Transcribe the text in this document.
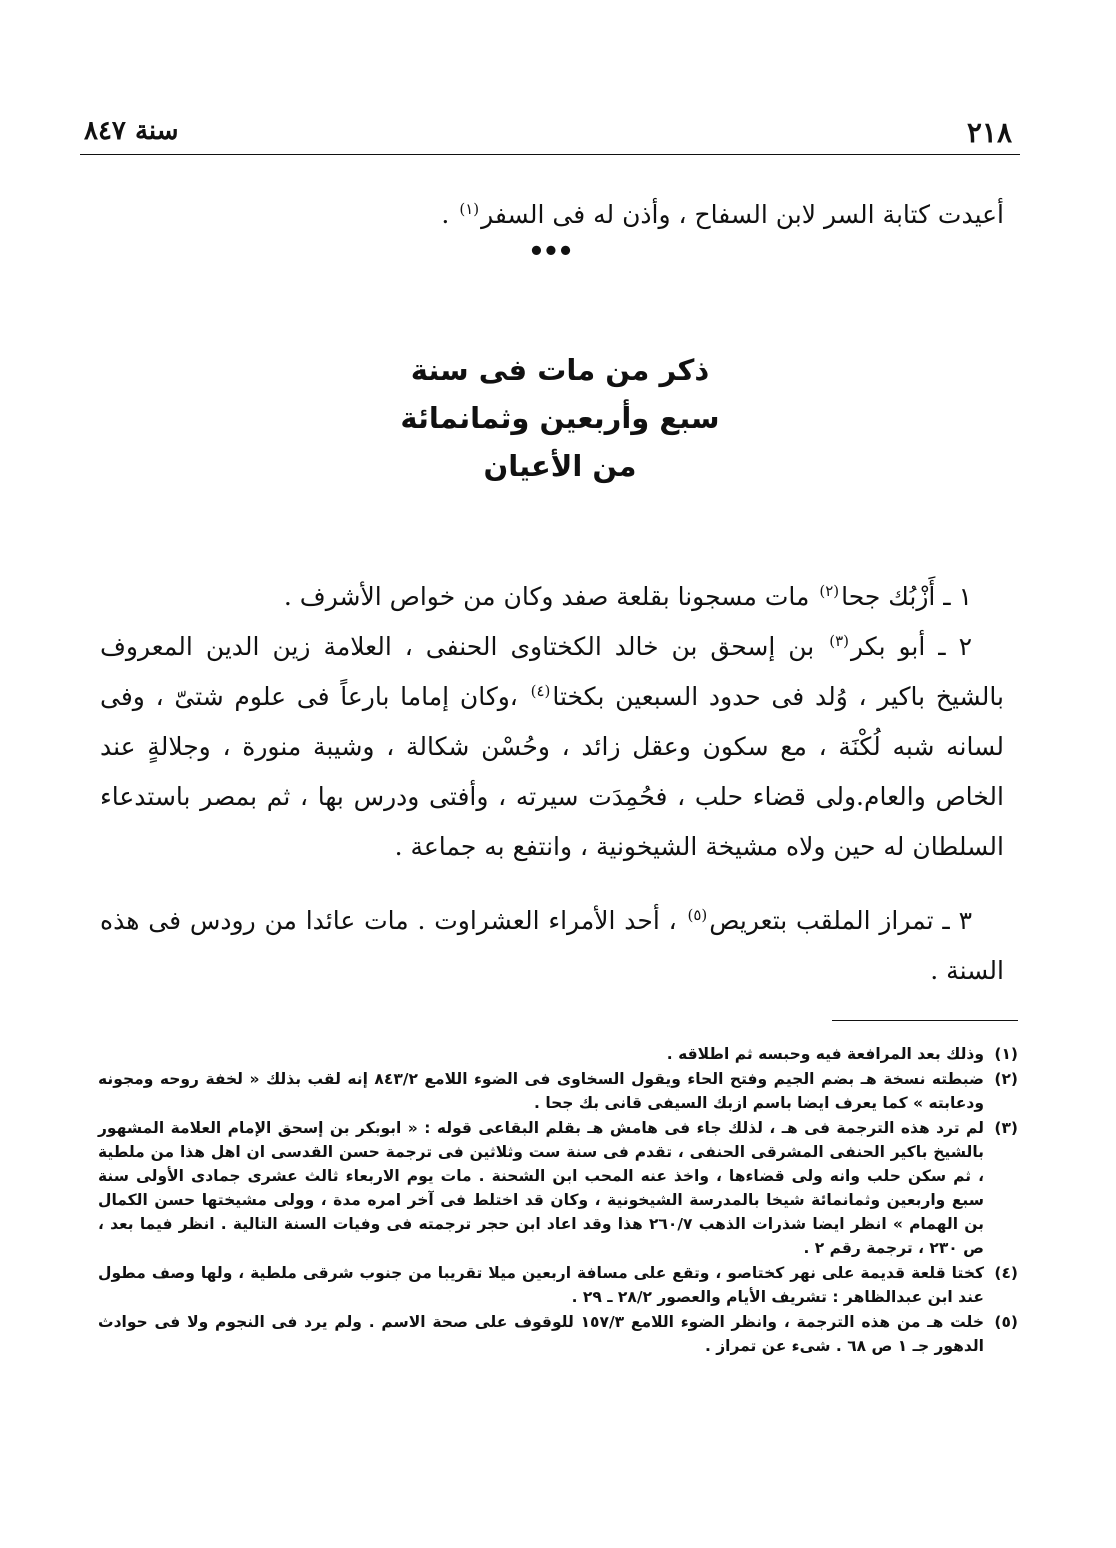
٢١٨
سنة ٨٤٧
أعيدت كتابة السر لابن السفاح ، وأذن له فى السفر$^{(١)}$ .
•••
ذكر من مات فى سنة
سبع وأربعين وثمانمائة
من الأعيان

١ ـ أَزْبُك جحا$^{(٢)}$ مات مسجونا بقلعة صفد وكان من خواص الأشرف .

٢ ـ أبو بكر$^{(٣)}$ بن إسحق بن خالد الكختاوى الحنفى ، العلامة زين الدين المعروف بالشيخ باكير ، وُلد فى حدود السبعين بكختا$^{(٤)}$ ،وكان إماما بارعاً فى علوم شتىّ ، وفى لسانه شبه لُكْنَة ، مع سكون وعقل زائد ، وحُسْن شكالة ، وشيبة منورة ، وجلالةٍ عند الخاص والعام.ولى قضاء حلب ، فحُمِدَت سيرته ، وأفتى ودرس بها ، ثم بمصر باستدعاء السلطان له حين ولاه مشيخة الشيخونية ، وانتفع به جماعة .

٣ ـ تمراز الملقب بتعريص$^{(٥)}$ ، أحد الأمراء العشراوت . مات عائدا من رودس فى هذه السنة .

(١)
وذلك بعد المرافعة فيه وحبسه ثم اطلاقه .
(٢)
ضبطته نسخة هـ بضم الجيم وفتح الحاء ويقول السخاوى فى الضوء اللامع ٨٤٣/٢ إنه لقب بذلك « لخفة روحه ومجونه ودعابته » كما يعرف ايضا باسم ازبك السيفى قانى بك جحا .
(٣)
لم ترد هذه الترجمة فى هـ ، لذلك جاء فى هامش هـ بقلم البقاعى قوله : « ابوبكر بن إسحق الإمام العلامة المشهور بالشيخ باكير الحنفى المشرقى الحنفى ، تقدم فى سنة ست وثلاثين فى ترجمة حسن القدسى ان اهل هذا من ملطية ، ثم سكن حلب وانه ولى قضاءها ، واخذ عنه المحب ابن الشحنة . مات يوم الاربعاء ثالث عشرى جمادى الأولى سنة سبع واربعين وثمانمائة شيخا بالمدرسة الشيخونية ، وكان قد اختلط فى آخر امره مدة ، وولى مشيختها حسن الكمال بن الهمام » انظر ايضا شذرات الذهب ٢٦٠/٧ هذا وقد اعاد ابن حجر ترجمته فى وفيات السنة التالية . انظر فيما بعد ، ص ٢٣٠ ، ترجمة رقم ٢ .
(٤)
كختا قلعة قديمة على نهر كختاصو ، وتقع على مسافة اربعين ميلا تقريبا من جنوب شرقى ملطية ، ولها وصف مطول عند ابن عبدالظاهر : تشريف الأيام والعصور ٢٨/٢ ـ ٢٩ .
(٥)
خلت هـ من هذه الترجمة ، وانظر الضوء اللامع ١٥٧/٣ للوقوف على صحة الاسم . ولم يرد فى النجوم ولا فى حوادث الدهور جـ ١ ص ٦٨ . شىء عن تمراز .
